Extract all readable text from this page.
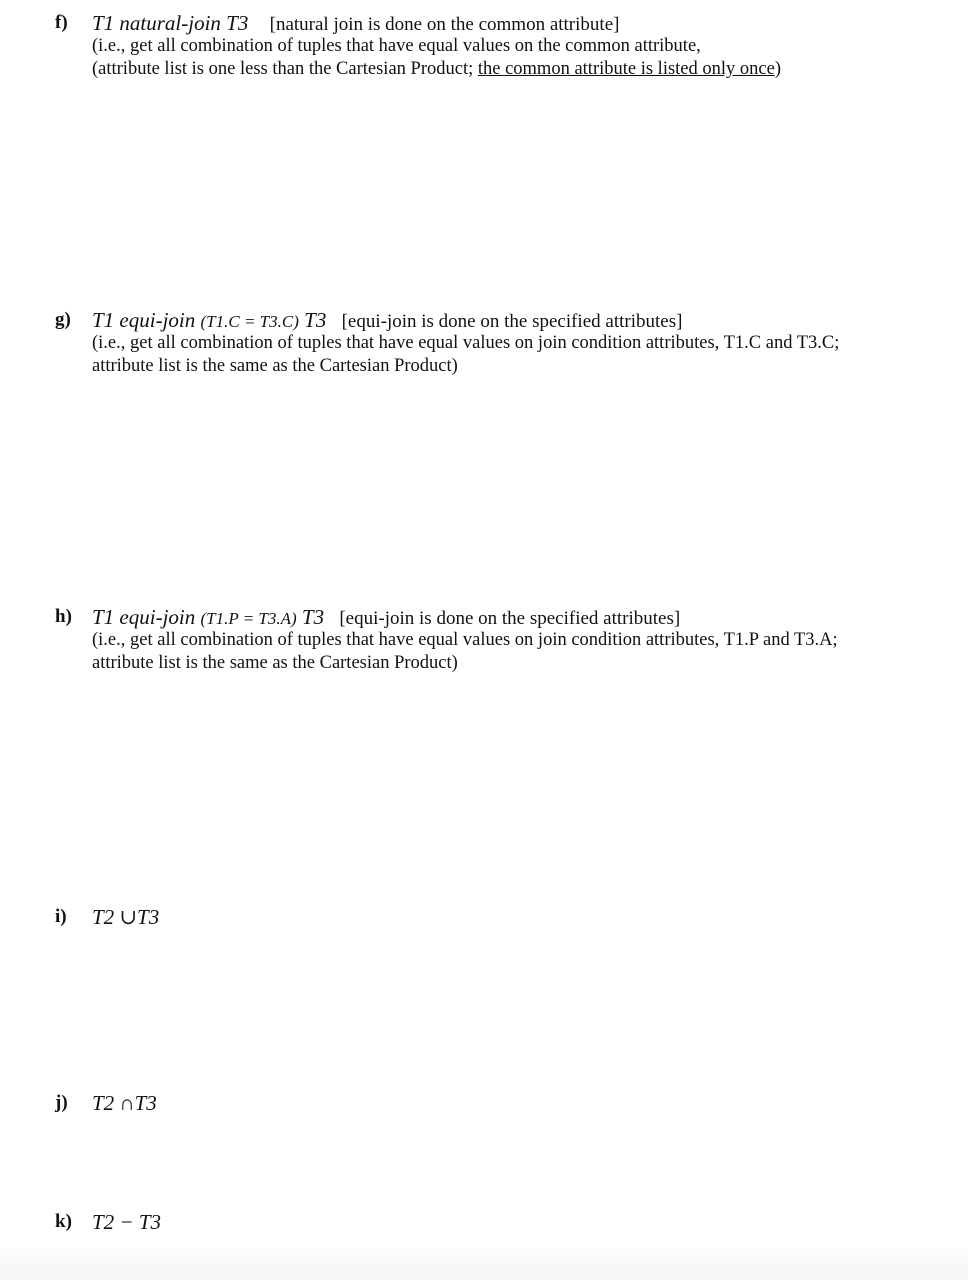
f) T1 natural-join T3 [natural join is done on the common attribute]
(i.e., get all combination of tuples that have equal values on the common attribute,
(attribute list is one less than the Cartesian Product; the common attribute is listed only once)
g) T1 equi-join (T1.C = T3.C) T3 [equi-join is done on the specified attributes]
(i.e., get all combination of tuples that have equal values on join condition attributes, T1.C and T3.C;
attribute list is the same as the Cartesian Product)
h) T1 equi-join (T1.P = T3.A) T3 [equi-join is done on the specified attributes]
(i.e., get all combination of tuples that have equal values on join condition attributes, T1.P and T3.A;
attribute list is the same as the Cartesian Product)
i) T2 ∪T3
j) T2 ∩T3
k) T2 − T3
